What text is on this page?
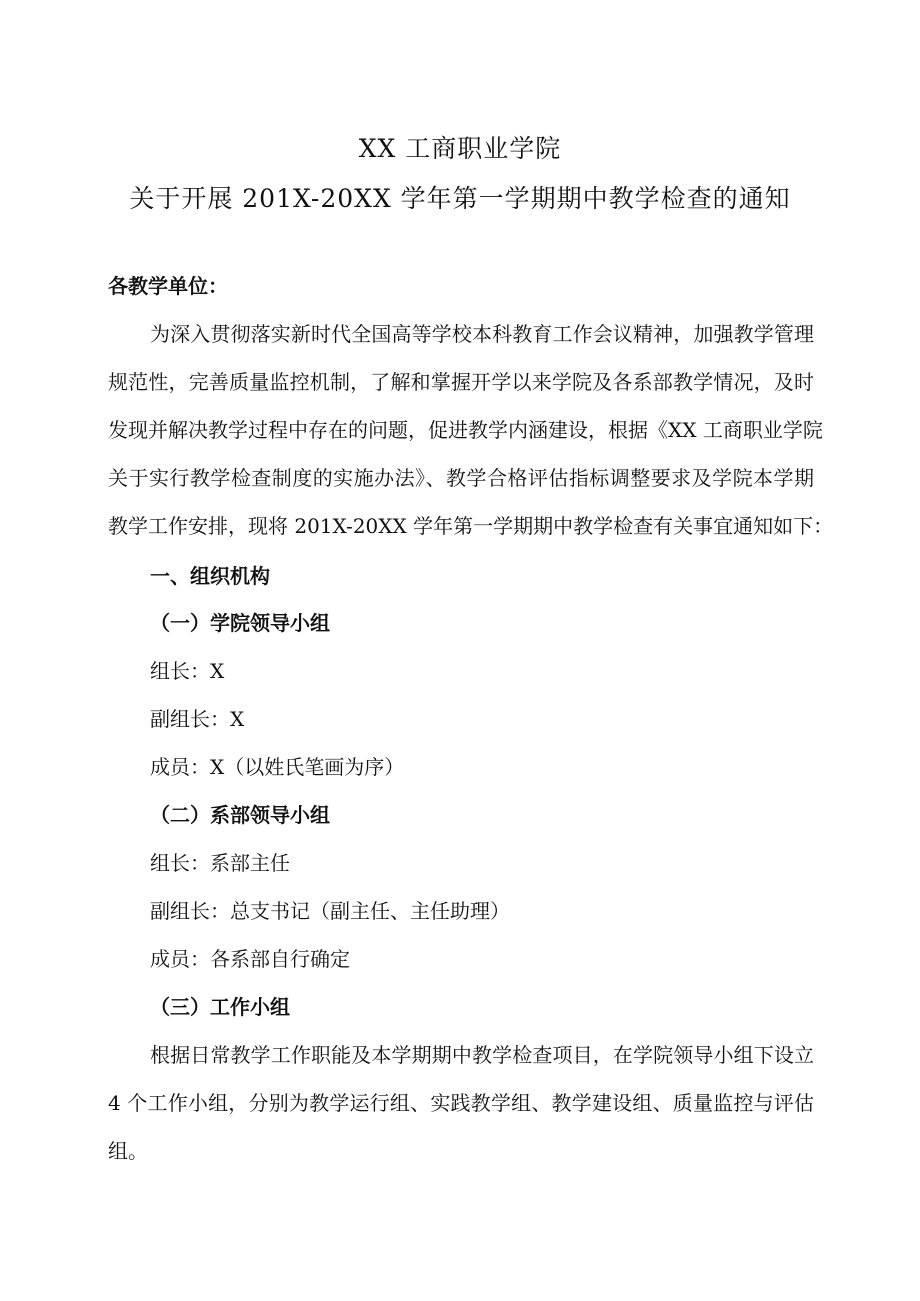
XX 工商职业学院
关于开展 201X-20XX 学年第一学期期中教学检查的通知
各教学单位：
为深入贯彻落实新时代全国高等学校本科教育工作会议精神，加强教学管理
规范性，完善质量监控机制，了解和掌握开学以来学院及各系部教学情况，及时
发现并解决教学过程中存在的问题，促进教学内涵建设，根据《XX 工商职业学院
关于实行教学检查制度的实施办法》、教学合格评估指标调整要求及学院本学期
教学工作安排，现将 201X-20XX 学年第一学期期中教学检查有关事宜通知如下：
一、组织机构
（一）学院领导小组
组长：X
副组长：X
成员：X（以姓氏笔画为序）
（二）系部领导小组
组长：系部主任
副组长：总支书记（副主任、主任助理）
成员：各系部自行确定
（三）工作小组
根据日常教学工作职能及本学期期中教学检查项目，在学院领导小组下设立
4 个工作小组，分别为教学运行组、实践教学组、教学建设组、质量监控与评估
组。
